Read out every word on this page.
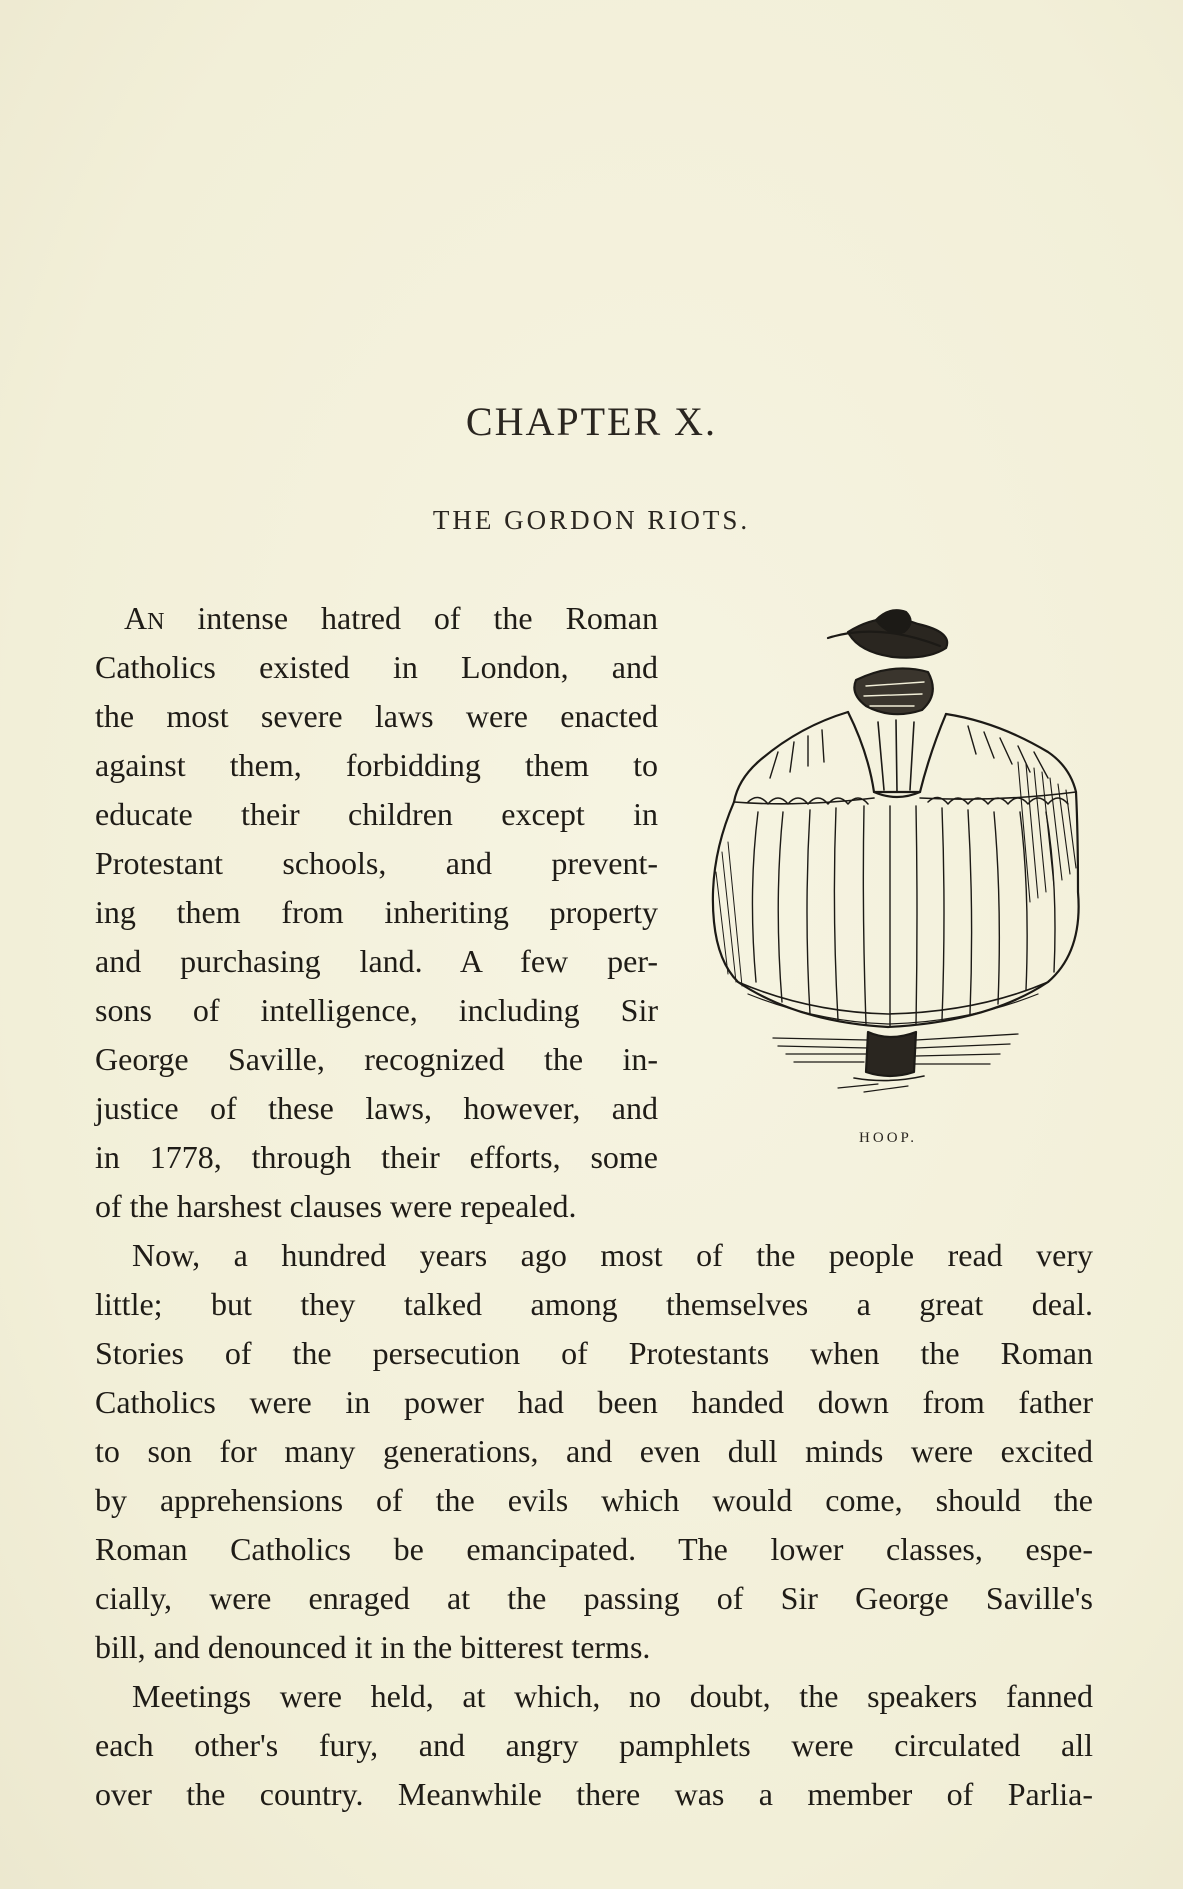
CHAPTER X.
THE GORDON RIOTS.
AN intense hatred of the Roman
Catholics existed in London, and
the most severe laws were enacted
against them, forbidding them to
educate their children except in
Protestant schools, and prevent-
ing them from inheriting property
and purchasing land. A few per-
sons of intelligence, including Sir
George Saville, recognized the in-
justice of these laws, however, and
in 1778, through their efforts, some
of the harshest clauses were repealed.
Now, a hundred years ago most of the people read very
little; but they talked among themselves a great deal.
Stories of the persecution of Protestants when the Roman
Catholics were in power had been handed down from father
to son for many generations, and even dull minds were excited
by apprehensions of the evils which would come, should the
Roman Catholics be emancipated. The lower classes, espe-
cially, were enraged at the passing of Sir George Saville's
bill, and denounced it in the bitterest terms.
Meetings were held, at which, no doubt, the speakers fanned
each other's fury, and angry pamphlets were circulated all
over the country. Meanwhile there was a member of Parlia-
HOOP.
